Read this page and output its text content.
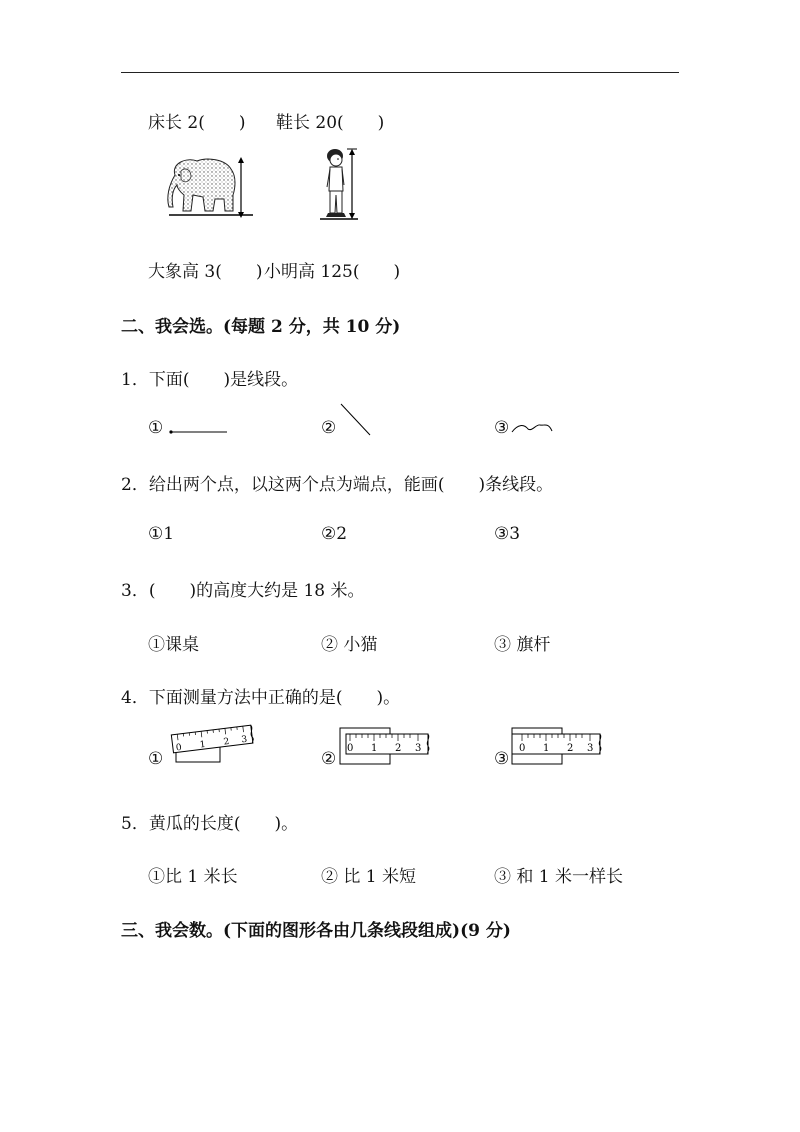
床长 2(　　) 鞋长 20(　　)
大象高 3(　　) 小明高 125(　　)
二、我会选。(每题 2 分，共 10 分)
1．下面(　　)是线段。
①	②	③
2．给出两个点，以这两个点为端点，能画(　　)条线段。
①1	②2	③3
3．(　　)的高度大约是 18 米。
①课桌	② 小猫	③ 旗杆
4．下面测量方法中正确的是(　　)。
①
0 1 2 3
②
0 1 2 3
③
0 1 2 3
5．黄瓜的长度(　　)。
①比 1 米长	② 比 1 米短	③ 和 1 米一样长
三、我会数。(下面的图形各由几条线段组成)(9 分)
